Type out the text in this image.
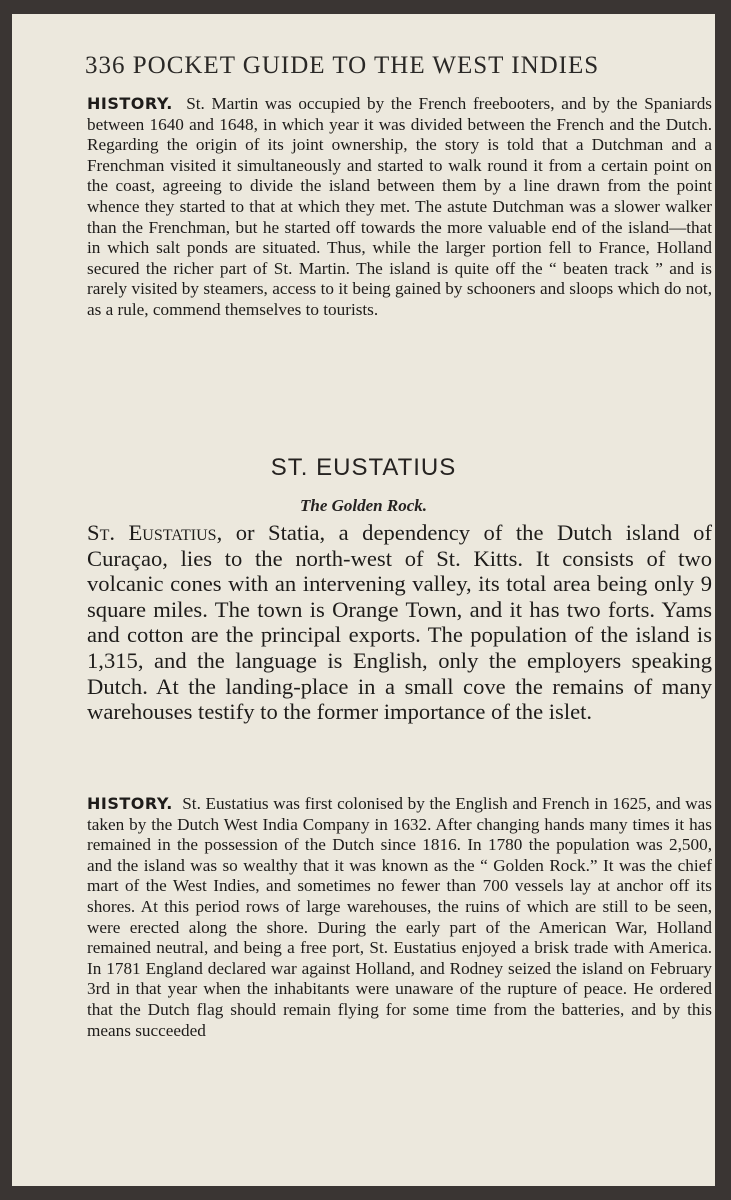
336 POCKET GUIDE TO THE WEST INDIES

HISTORY. St. Martin was occupied by the French freebooters, and by the Spaniards between 1640 and 1648, in which year it was divided between the French and the Dutch. Regarding the origin of its joint ownership, the story is told that a Dutchman and a Frenchman visited it simultaneously and started to walk round it from a certain point on the coast, agreeing to divide the island between them by a line drawn from the point whence they started to that at which they met. The astute Dutchman was a slower walker than the Frenchman, but he started off towards the more valuable end of the island—that in which salt ponds are situated. Thus, while the larger portion fell to France, Holland secured the richer part of St. Martin. The island is quite off the “ beaten track ” and is rarely visited by steamers, access to it being gained by schooners and sloops which do not, as a rule, commend themselves to tourists.

ST. EUSTATIUS
The Golden Rock.

St. Eustatius, or Statia, a dependency of the Dutch island of Curaçao, lies to the north-west of St. Kitts. It consists of two volcanic cones with an intervening valley, its total area being only 9 square miles. The town is Orange Town, and it has two forts. Yams and cotton are the principal exports. The population of the island is 1,315, and the language is English, only the employers speaking Dutch. At the landing-place in a small cove the remains of many warehouses testify to the former importance of the islet.

HISTORY. St. Eustatius was first colonised by the English and French in 1625, and was taken by the Dutch West India Company in 1632. After changing hands many times it has remained in the possession of the Dutch since 1816. In 1780 the population was 2,500, and the island was so wealthy that it was known as the “ Golden Rock.” It was the chief mart of the West Indies, and sometimes no fewer than 700 vessels lay at anchor off its shores. At this period rows of large warehouses, the ruins of which are still to be seen, were erected along the shore. During the early part of the American War, Holland remained neutral, and being a free port, St. Eustatius enjoyed a brisk trade with America. In 1781 England declared war against Holland, and Rodney seized the island on February 3rd in that year when the inhabitants were unaware of the rupture of peace. He ordered that the Dutch flag should remain flying for some time from the batteries, and by this means succeeded
